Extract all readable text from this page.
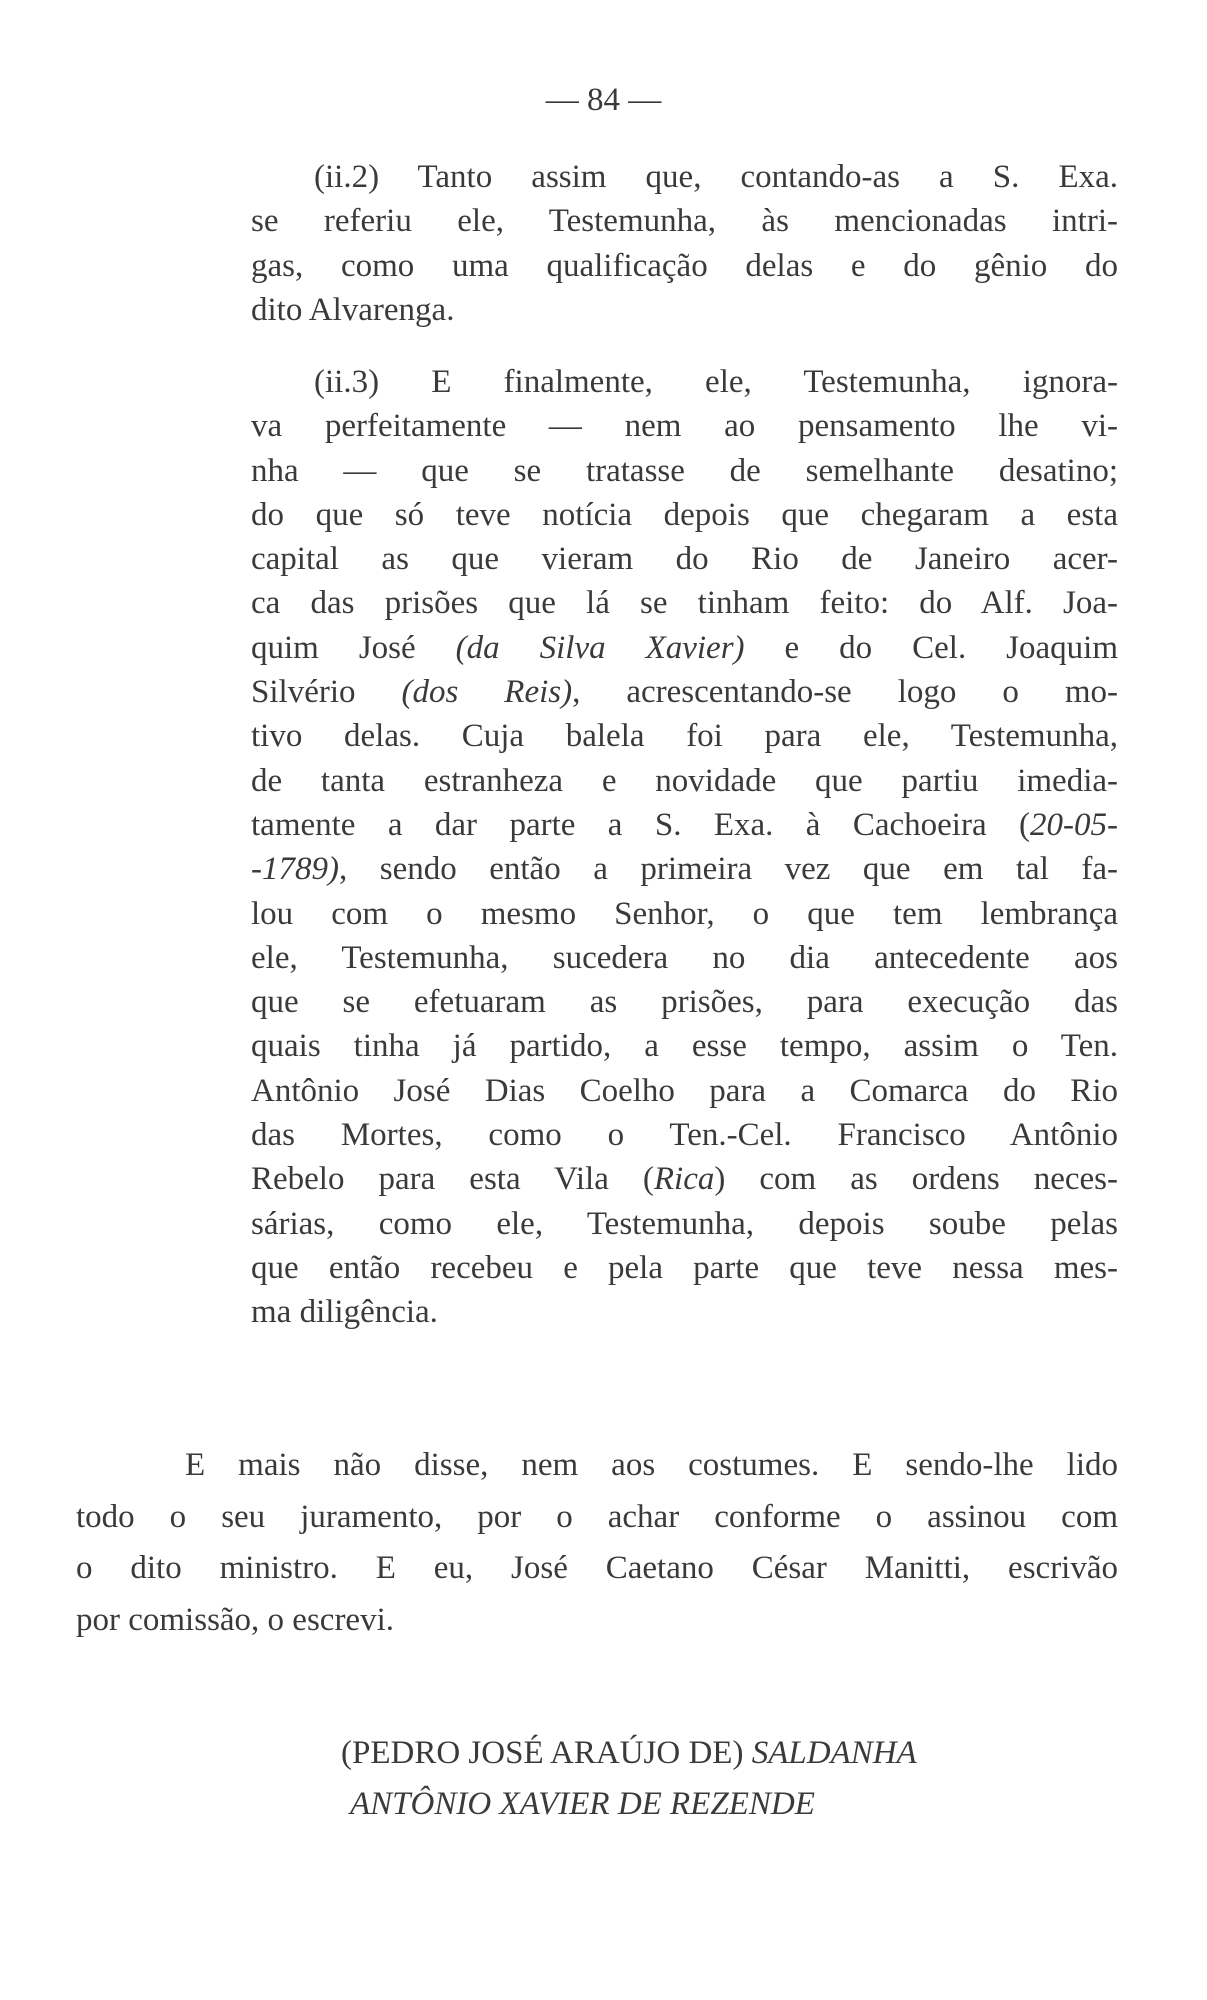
— 84 —
(ii.2) Tanto assim que, contando-as a S. Exa.
se referiu ele, Testemunha, às mencionadas intri-
gas, como uma qualificação delas e do gênio do
dito Alvarenga.
(ii.3) E finalmente, ele, Testemunha, ignora-
va perfeitamente — nem ao pensamento lhe vi-
nha — que se tratasse de semelhante desatino;
do que só teve notícia depois que chegaram a esta
capital as que vieram do Rio de Janeiro acer-
ca das prisões que lá se tinham feito: do Alf. Joa-
quim José (da Silva Xavier) e do Cel. Joaquim
Silvério (dos Reis), acrescentando-se logo o mo-
tivo delas. Cuja balela foi para ele, Testemunha,
de tanta estranheza e novidade que partiu imedia-
tamente a dar parte a S. Exa. à Cachoeira (20-05-
-1789), sendo então a primeira vez que em tal fa-
lou com o mesmo Senhor, o que tem lembrança
ele, Testemunha, sucedera no dia antecedente aos
que se efetuaram as prisões, para execução das
quais tinha já partido, a esse tempo, assim o Ten.
Antônio José Dias Coelho para a Comarca do Rio
das Mortes, como o Ten.-Cel. Francisco Antônio
Rebelo para esta Vila (Rica) com as ordens neces-
sárias, como ele, Testemunha, depois soube pelas
que então recebeu e pela parte que teve nessa mes-
ma diligência.
E mais não disse, nem aos costumes. E sendo-lhe lido
todo o seu juramento, por o achar conforme o assinou com
o dito ministro. E eu, José Caetano César Manitti, escrivão
por comissão, o escrevi.
(PEDRO JOSÉ ARAÚJO DE) SALDANHA
ANTÔNIO XAVIER DE REZENDE
